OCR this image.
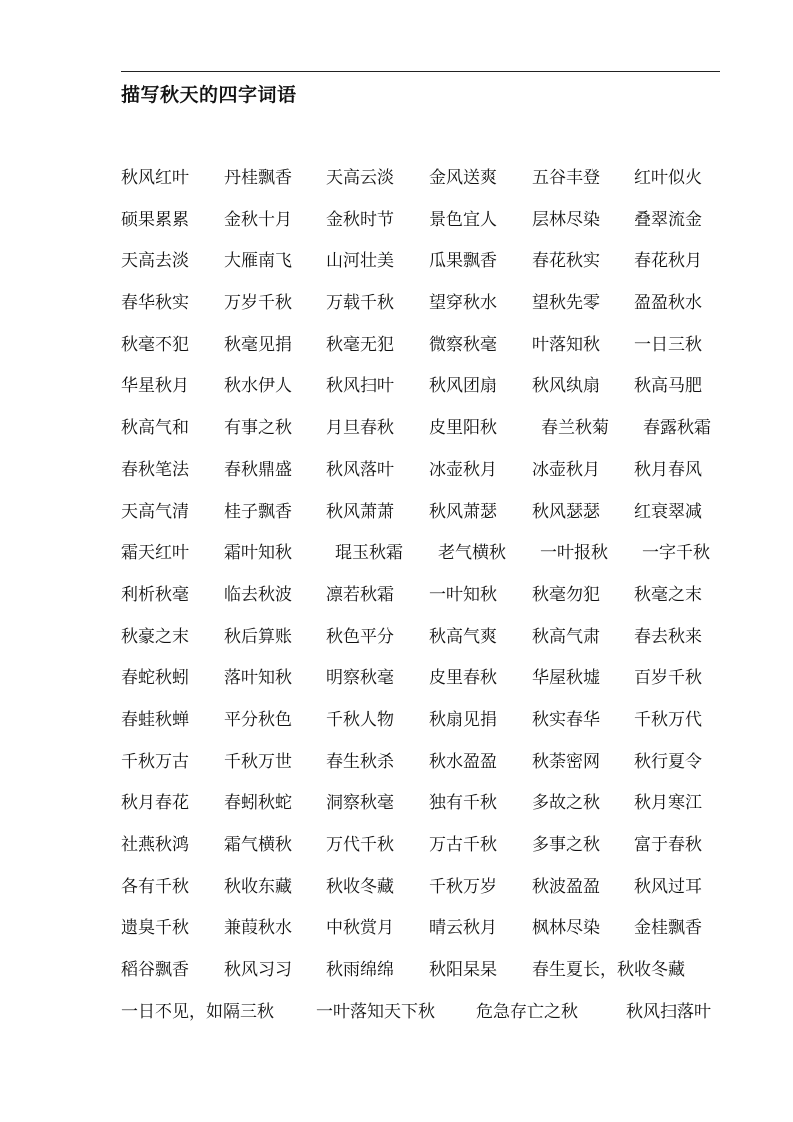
描写秋天的四字词语
秋风红叶 丹桂飘香 天高云淡 金风送爽 五谷丰登 红叶似火
硕果累累 金秋十月 金秋时节 景色宜人 层林尽染 叠翠流金
天高去淡 大雁南飞 山河壮美 瓜果飘香 春花秋实 春花秋月
春华秋实 万岁千秋 万载千秋 望穿秋水 望秋先零 盈盈秋水
秋毫不犯 秋毫见捐 秋毫无犯 微察秋毫 叶落知秋 一日三秋
华星秋月 秋水伊人 秋风扫叶 秋风团扇 秋风纨扇 秋高马肥
秋高气和 有事之秋 月旦春秋 皮里阳秋	春兰秋菊 春露秋霜
春秋笔法 春秋鼎盛 秋风落叶 冰壶秋月 冰壶秋月 秋月春风
天高气清 桂子飘香 秋风萧萧 秋风萧瑟 秋风瑟瑟 红衰翠减
霜天红叶 霜叶知秋	琨玉秋霜 老气横秋 一叶报秋 一字千秋
利析秋毫 临去秋波 凛若秋霜 一叶知秋 秋毫勿犯 秋毫之末
秋豪之末 秋后算账 秋色平分 秋高气爽 秋高气肃 春去秋来
春蛇秋蚓 落叶知秋 明察秋毫 皮里春秋 华屋秋墟 百岁千秋
春蛙秋蝉 平分秋色 千秋人物 秋扇见捐 秋实春华 千秋万代
千秋万古 千秋万世 春生秋杀 秋水盈盈 秋荼密网 秋行夏令
秋月春花 春蚓秋蛇 洞察秋毫 独有千秋 多故之秋 秋月寒江
社燕秋鸿 霜气横秋 万代千秋 万古千秋 多事之秋 富于春秋
各有千秋 秋收东藏 秋收冬藏 千秋万岁 秋波盈盈 秋风过耳
遗臭千秋 兼葭秋水 中秋赏月 晴云秋月 枫林尽染 金桂飘香
稻谷飘香 秋风习习 秋雨绵绵 秋阳杲杲 春生夏长，秋收冬藏
一日不见，如隔三秋 一叶落知天下秋 危急存亡之秋	秋风扫落叶
